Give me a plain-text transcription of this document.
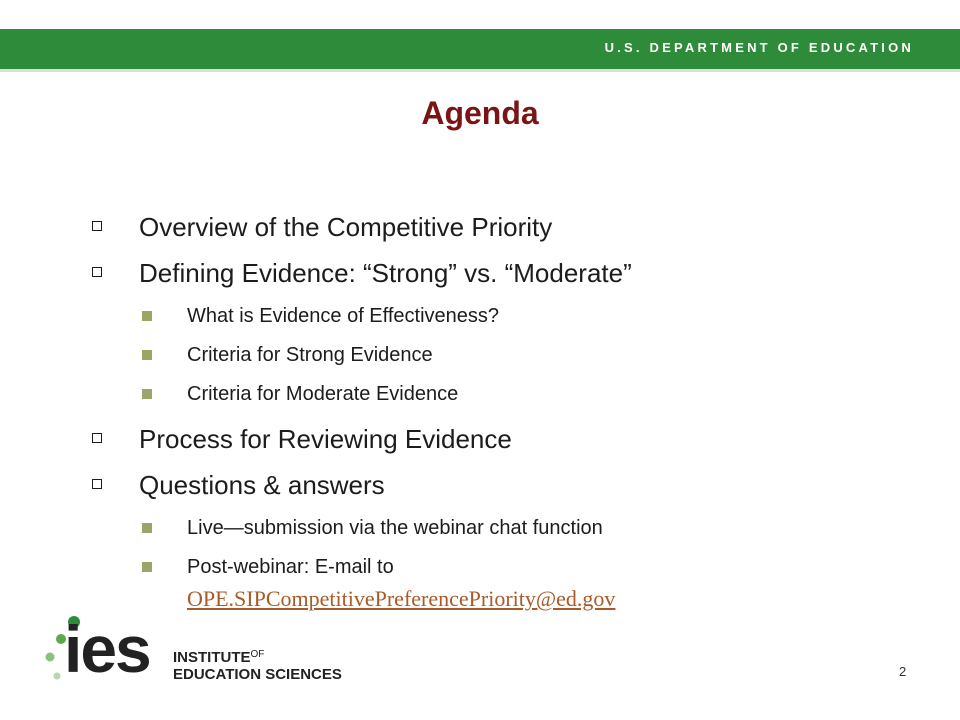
U.S. DEPARTMENT OF EDUCATION
Agenda
Overview of the Competitive Priority
Defining Evidence: “Strong” vs. “Moderate”
What is Evidence of Effectiveness?
Criteria for Strong Evidence
Criteria for Moderate Evidence
Process for Reviewing Evidence
Questions & answers
Live—submission via the webinar chat function
Post-webinar: E-mail to
OPE.SIPCompetitivePreferencePriority@ed.gov
ies $INSTITUTE^{OF}$
EDUCATION SCIENCES	2
